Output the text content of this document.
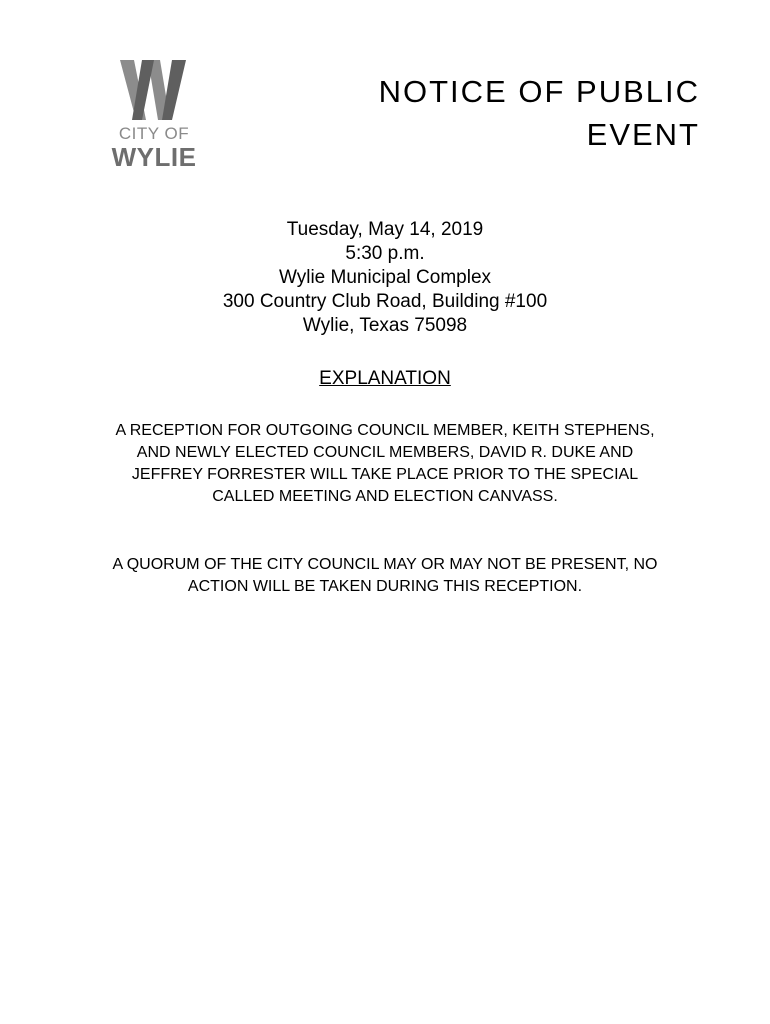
CITY OF
WYLIE
NOTICE OF PUBLIC
EVENT
Tuesday, May 14, 2019
5:30 p.m.
Wylie Municipal Complex
300 Country Club Road, Building #100
Wylie, Texas 75098
EXPLANATION
A RECEPTION FOR OUTGOING COUNCIL MEMBER, KEITH STEPHENS,
AND NEWLY ELECTED COUNCIL MEMBERS, DAVID R. DUKE AND
JEFFREY FORRESTER WILL TAKE PLACE PRIOR TO THE SPECIAL
CALLED MEETING AND ELECTION CANVASS.
A QUORUM OF THE CITY COUNCIL MAY OR MAY NOT BE PRESENT, NO
ACTION WILL BE TAKEN DURING THIS RECEPTION.
